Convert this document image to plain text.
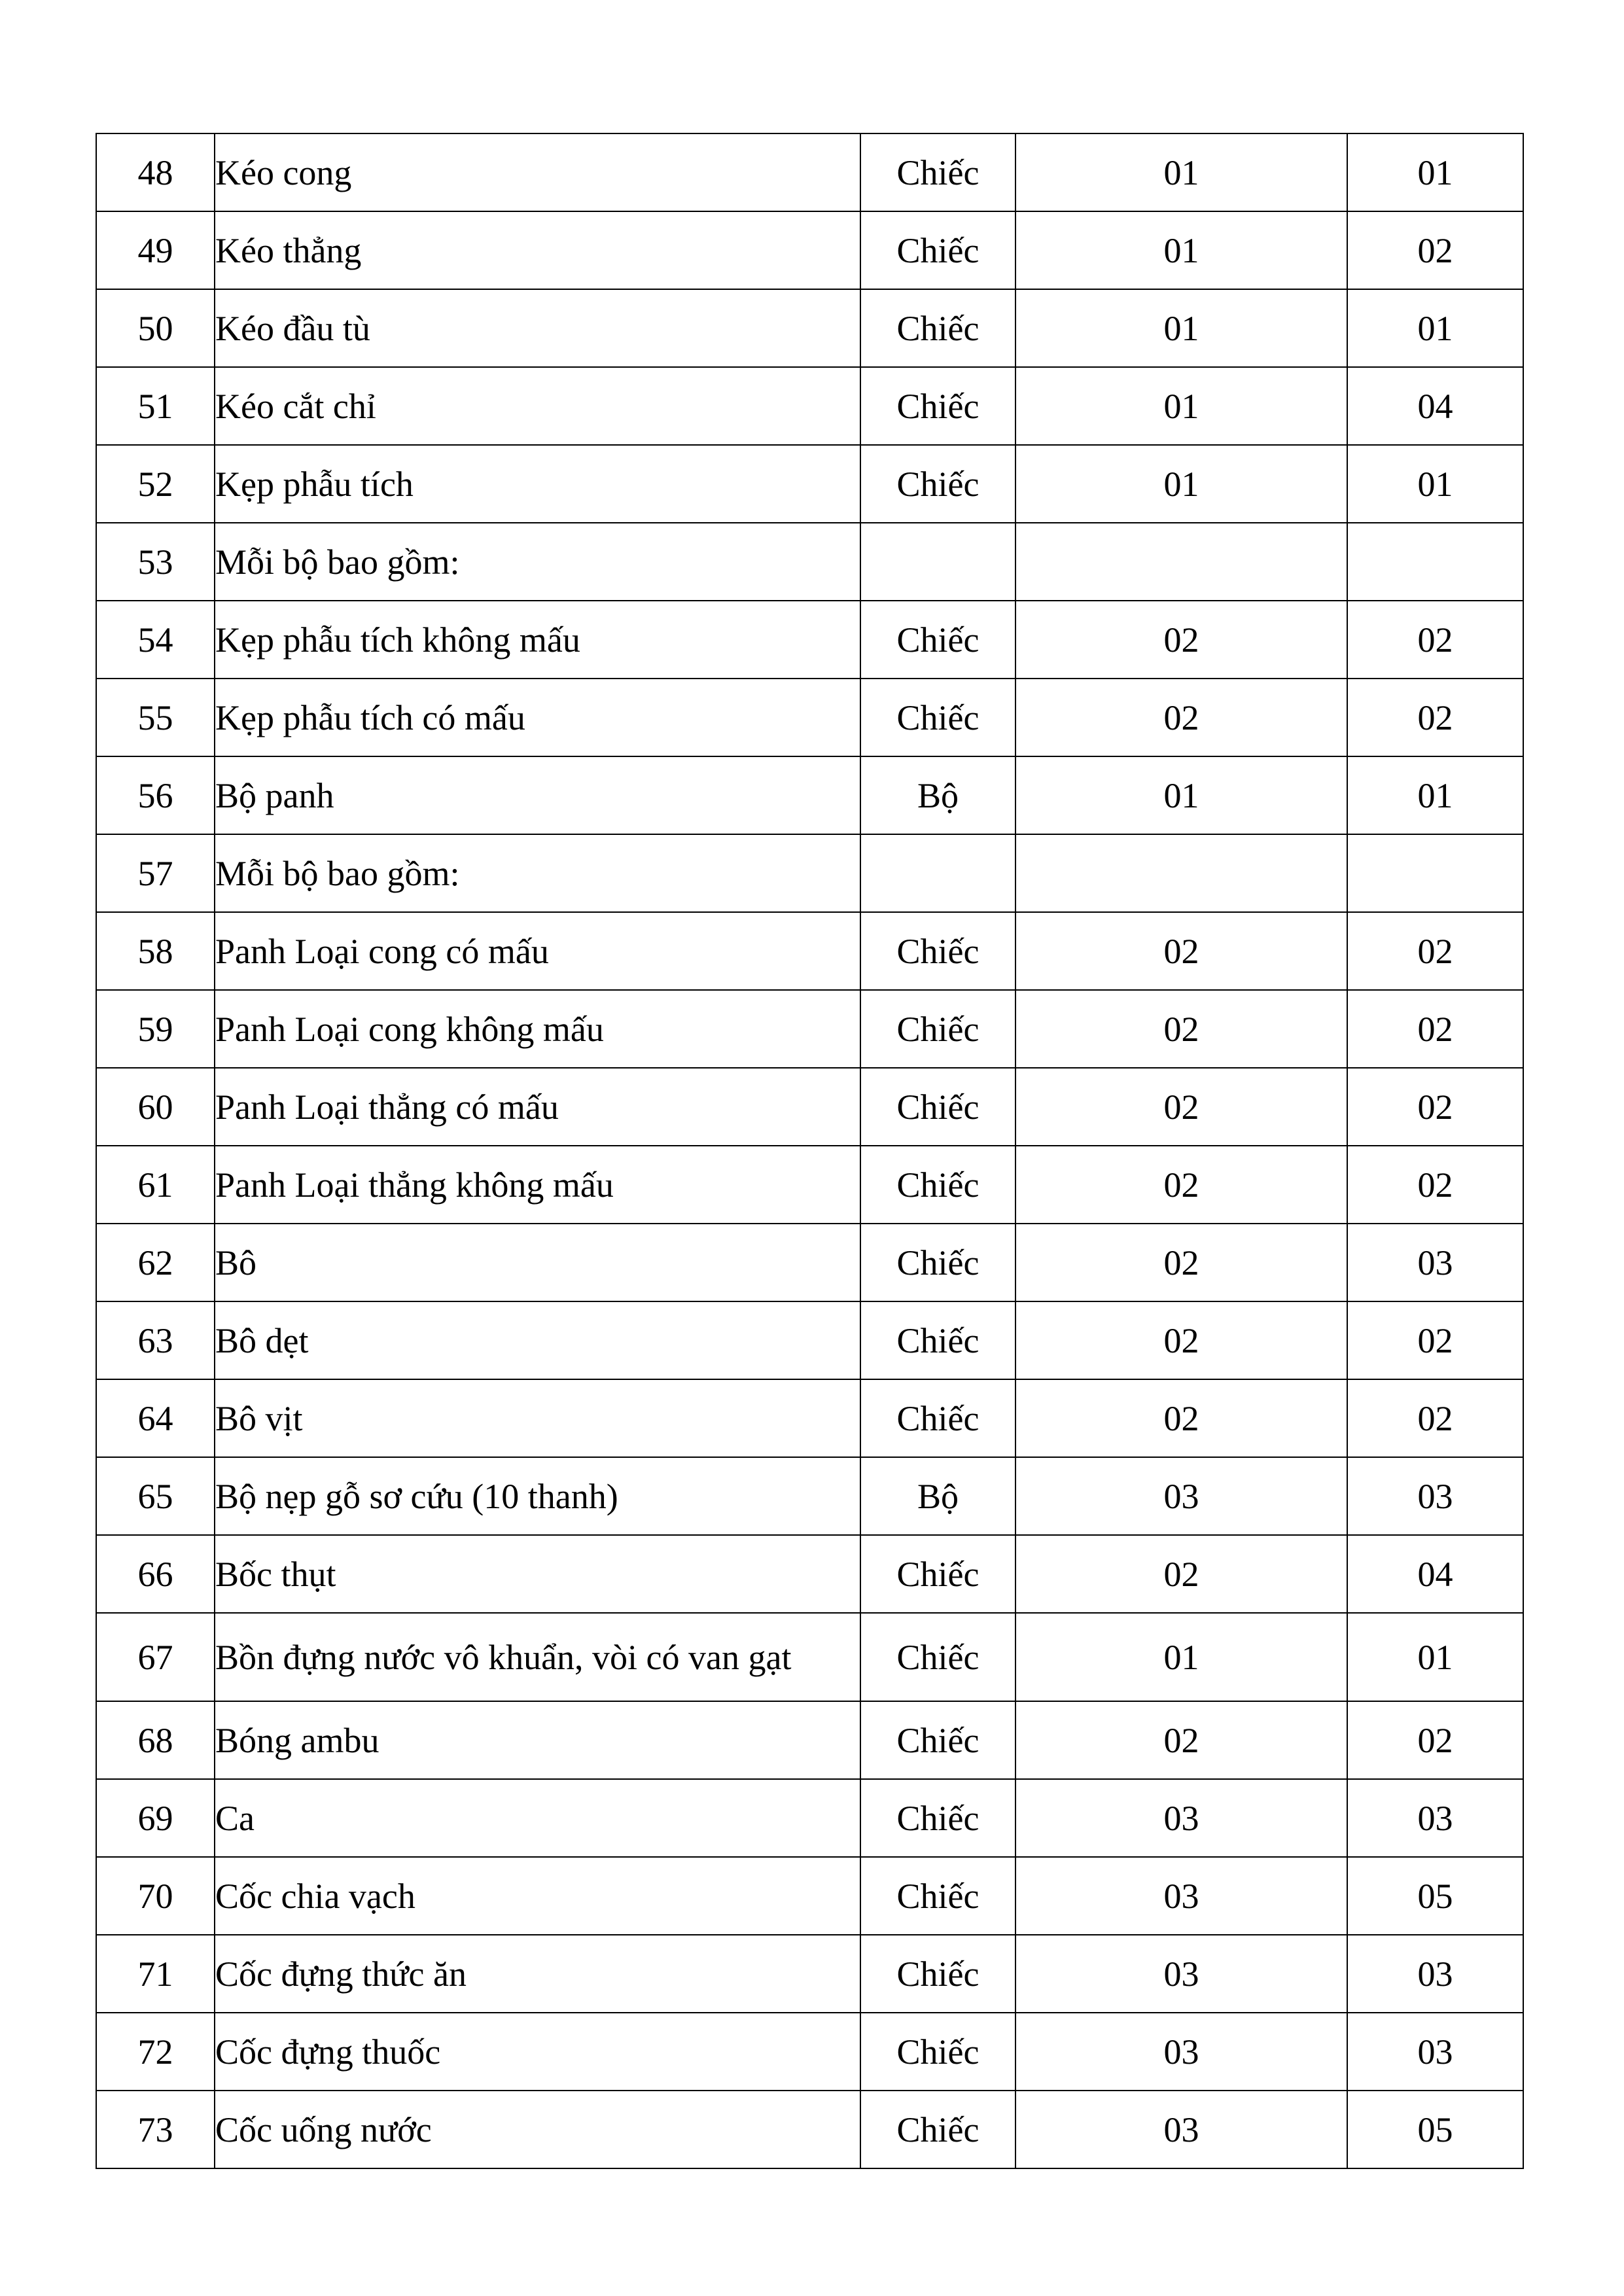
48	Kéo cong	Chiếc	01	01
49	Kéo thẳng	Chiếc	01	02
50	Kéo đầu tù	Chiếc	01	01
51	Kéo cắt chỉ	Chiếc	01	04
52	Kẹp phẫu tích	Chiếc	01	01
53	Mỗi bộ bao gồm:			
54	Kẹp phẫu tích không mấu	Chiếc	02	02
55	Kẹp phẫu tích có mấu	Chiếc	02	02
56	Bộ panh	Bộ	01	01
57	Mỗi bộ bao gồm:			
58	Panh Loại cong có mấu	Chiếc	02	02
59	Panh Loại cong không mấu	Chiếc	02	02
60	Panh Loại thẳng có mấu	Chiếc	02	02
61	Panh Loại thẳng không mấu	Chiếc	02	02
62	Bô	Chiếc	02	03
63	Bô dẹt	Chiếc	02	02
64	Bô vịt	Chiếc	02	02
65	Bộ nẹp gỗ sơ cứu (10 thanh)	Bộ	03	03
66	Bốc thụt	Chiếc	02	04
67	Bồn đựng nước vô khuẩn, vòi có van gạt	Chiếc	01	01
68	Bóng ambu	Chiếc	02	02
69	Ca	Chiếc	03	03
70	Cốc chia vạch	Chiếc	03	05
71	Cốc đựng thức ăn	Chiếc	03	03
72	Cốc đựng thuốc	Chiếc	03	03
73	Cốc uống nước	Chiếc	03	05
